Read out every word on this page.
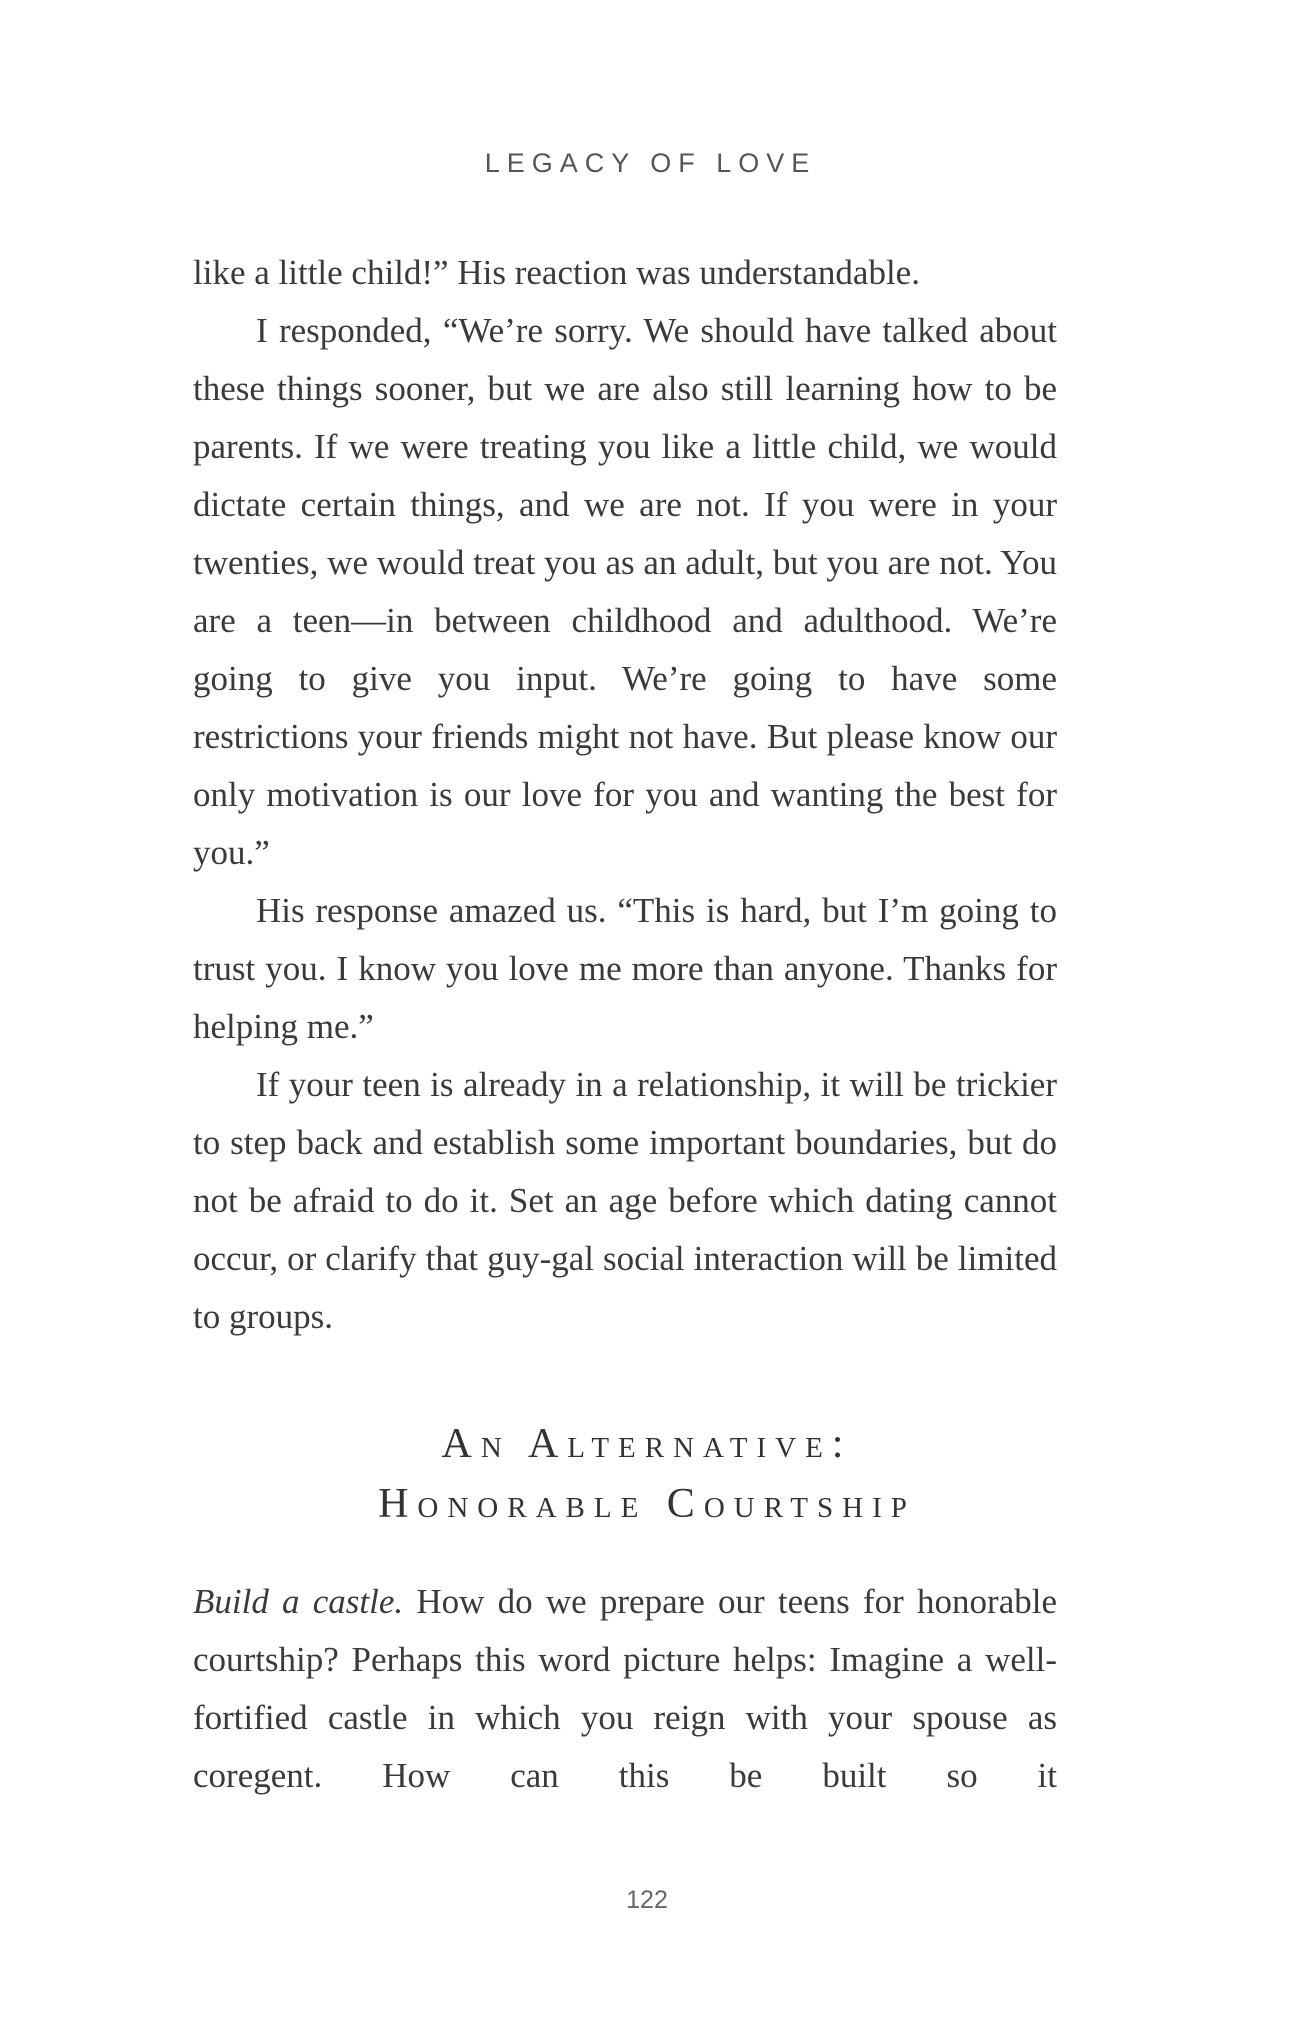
LEGACY OF LOVE

like a little child!” His reaction was understandable.

I responded, “We’re sorry. We should have talked about these things sooner, but we are also still learning how to be parents. If we were treating you like a little child, we would dictate certain things, and we are not. If you were in your twenties, we would treat you as an adult, but you are not. You are a teen—in between childhood and adulthood. We’re going to give you input. We’re going to have some restrictions your friends might not have. But please know our only motivation is our love for you and wanting the best for you.”

His response amazed us. “This is hard, but I’m going to trust you. I know you love me more than anyone. Thanks for helping me.”

If your teen is already in a relationship, it will be trickier to step back and establish some important boundaries, but do not be afraid to do it. Set an age before which dating cannot occur, or clarify that guy-gal social interaction will be limited to groups.

An Alternative:
Honorable Courtship

Build a castle. How do we prepare our teens for honorable courtship? Perhaps this word picture helps: Imagine a well-fortified castle in which you reign with your spouse as coregent. How can this be built so it

122
